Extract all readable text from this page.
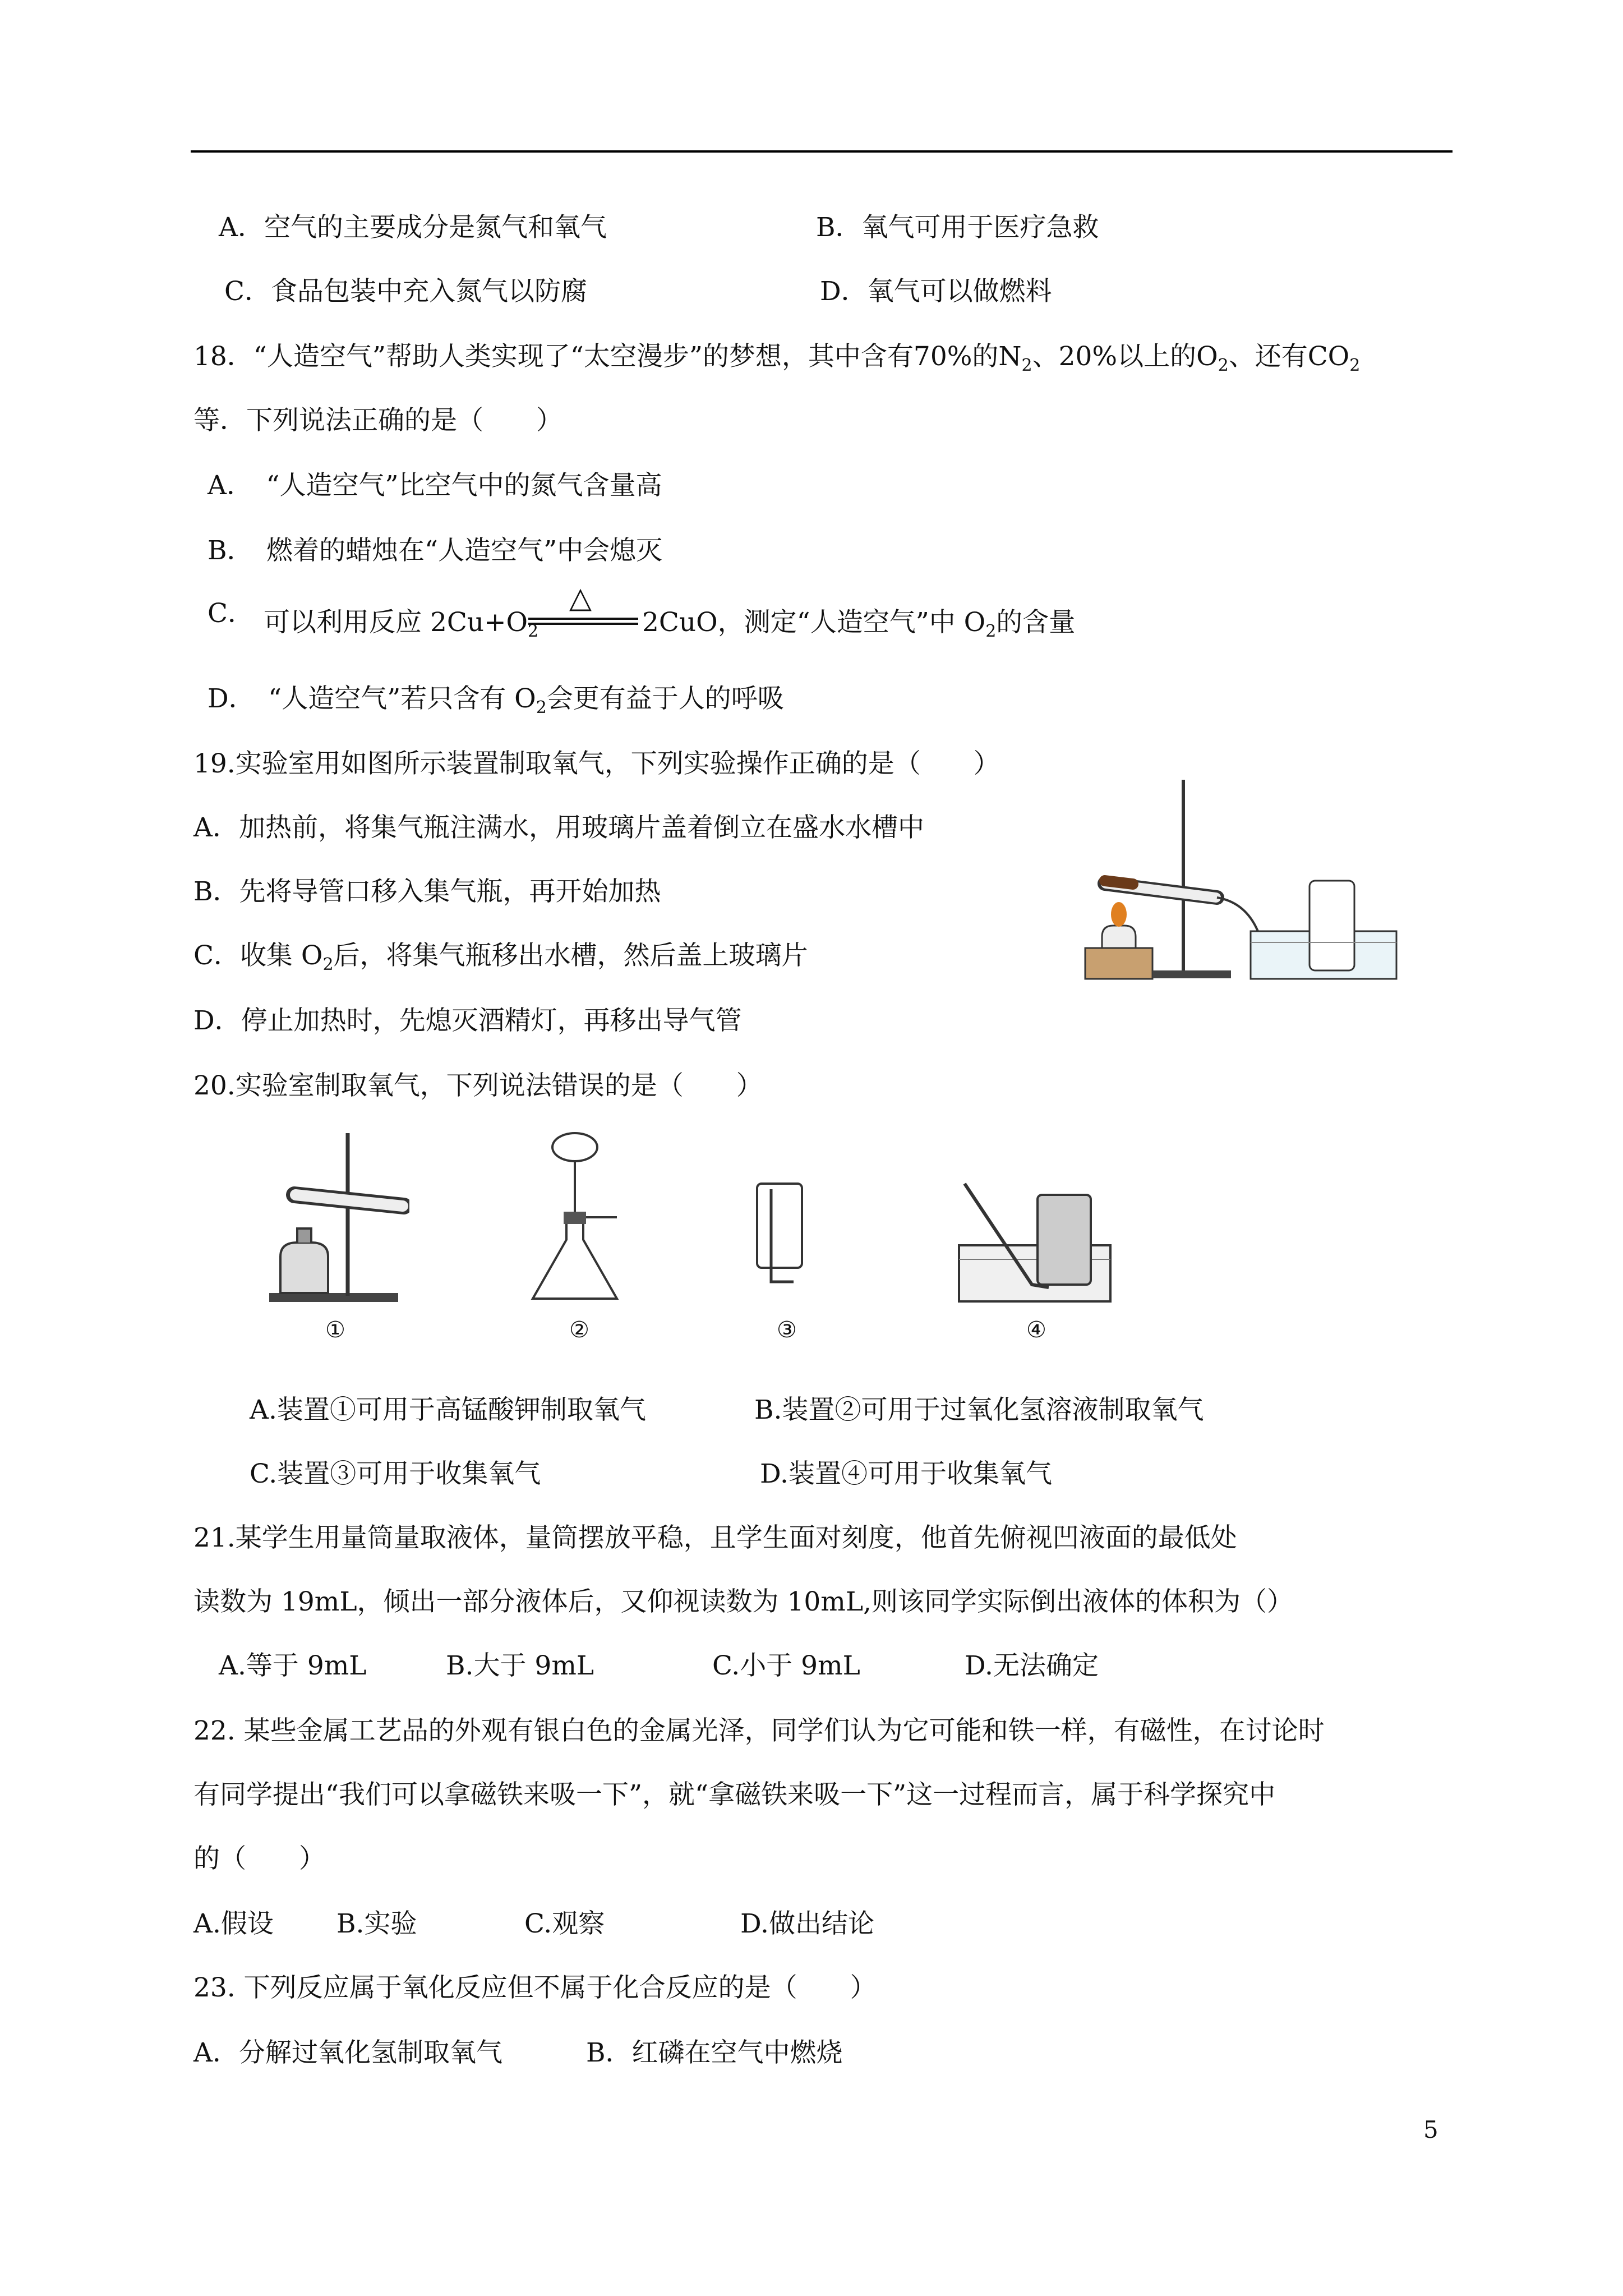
A．空气的主要成分是氮气和氧气	B．氧气可用于医疗急救
C．食品包装中充入氮气以防腐	D．氧气可以做燃料
18．“人造空气”帮助人类实现了“太空漫步”的梦想，其中含有70%的$N_2$、20%以上的$O_2$、还有$CO_2$
等．下列说法正确的是（　　）
A．　“人造空气”比空气中的氮气含量高
B．　燃着的蜡烛在“人造空气”中会熄灭
C． 可以利用反应 $2Cu+O_2$
△
2CuO，测定“人造空气”中 $O_2$的含量
D．　“人造空气”若只含有 $O_2$会更有益于人的呼吸
19.实验室用如图所示装置制取氧气，下列实验操作正确的是（　　）
A．加热前，将集气瓶注满水，用玻璃片盖着倒立在盛水水槽中
B．先将导管口移入集气瓶，再开始加热
C．收集 $O_2$后，将集气瓶移出水槽，然后盖上玻璃片
D．停止加热时，先熄灭酒精灯，再移出导气管
20.实验室制取氧气，下列说法错误的是（　　）
①	②	③	④
A.装置①可用于高锰酸钾制取氧气	B.装置②可用于过氧化氢溶液制取氧气
C.装置③可用于收集氧气	D.装置④可用于收集氧气
21.某学生用量筒量取液体，量筒摆放平稳，且学生面对刻度，他首先俯视凹液面的最低处
读数为 19mL，倾出一部分液体后，又仰视读数为 10mL,则该同学实际倒出液体的体积为（）
A.等于 9mL	B.大于 9mL	C.小于 9mL	D.无法确定
22. 某些金属工艺品的外观有银白色的金属光泽，同学们认为它可能和铁一样，有磁性，在讨论时
有同学提出“我们可以拿磁铁来吸一下”，就“拿磁铁来吸一下”这一过程而言，属于科学探究中
的（　　）
A.假设 B.实验	C.观察	D.做出结论
23. 下列反应属于氧化反应但不属于化合反应的是（　　）
A．分解过氧化氢制取氧气	B．红磷在空气中燃烧
5
